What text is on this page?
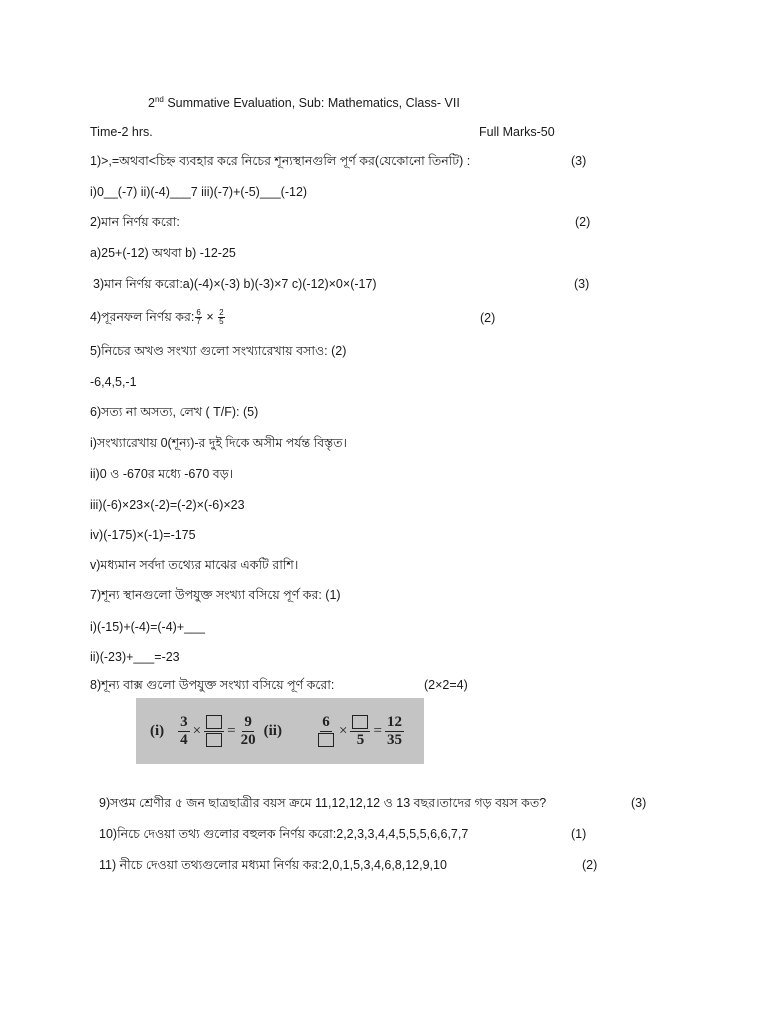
2nd Summative Evaluation, Sub: Mathematics, Class- VII
Time-2 hrs.	Full Marks-50
1)>,=অথবা<চিহ্ন ব্যবহার করে নিচের শূন্যস্থানগুলি পূর্ণ কর(যেকোনো তিনটি) :	(3)
i)0__(-7) ii)(-4)___7 iii)(-7)+(-5)___(-12)
2)মান নির্ণয় করো:	(2)
a)25+(-12) অথবা b) -12-25
3)মান নির্ণয় করো:a)(-4)×(-3) b)(-3)×7 c)(-12)×0×(-17)	(3)
4)পূরনফল নির্ণয় কর: $\frac{6}{7} \times \frac{2}{5}$	(2)
5)নিচের অখণ্ড সংখ্যা গুলো সংখ্যারেখায় বসাও: (2)
-6,4,5,-1
6)সত্য না অসত্য, লেখ ( T/F): (5)
i)সংখ্যারেখায় 0(শূন্য)-র দুই দিকে অসীম পর্যন্ত বিস্তৃত।
ii)0 ও -670র মধ্যে -670 বড়।
iii)(-6)×23×(-2)=(-2)×(-6)×23
iv)(-175)×(-1)=-175
v)মধ্যমান সর্বদা তথ্যের মাঝের একটি রাশি।
7)শূন্য স্থানগুলো উপযুক্ত সংখ্যা বসিয়ে পূর্ণ কর: (1)
i)(-15)+(-4)=(-4)+___
ii)(-23)+___=-23
8)শূন্য বাক্স গুলো উপযুক্ত সংখ্যা বসিয়ে পূর্ণ করো:	(2×2=4)
$(i) \frac{3}{4}$ × = $\frac{9}{20} (ii)$
6
×
5
= $\frac{12}{35}$
9)সপ্তম শ্রেণীর ৫ জন ছাত্রছাত্রীর বয়স ক্রমে 11,12,12,12 ও 13 বছর।তাদের গড় বয়স কত?	(3)
10)নিচে দেওয়া তথ্য গুলোর বহুলক নির্ণয় করো:2,2,3,3,4,4,5,5,5,6,6,7,7	(1)
11) নীচে দেওয়া তথ্যগুলোর মধ্যমা নির্ণয় কর:2,0,1,5,3,4,6,8,12,9,10	(2)
